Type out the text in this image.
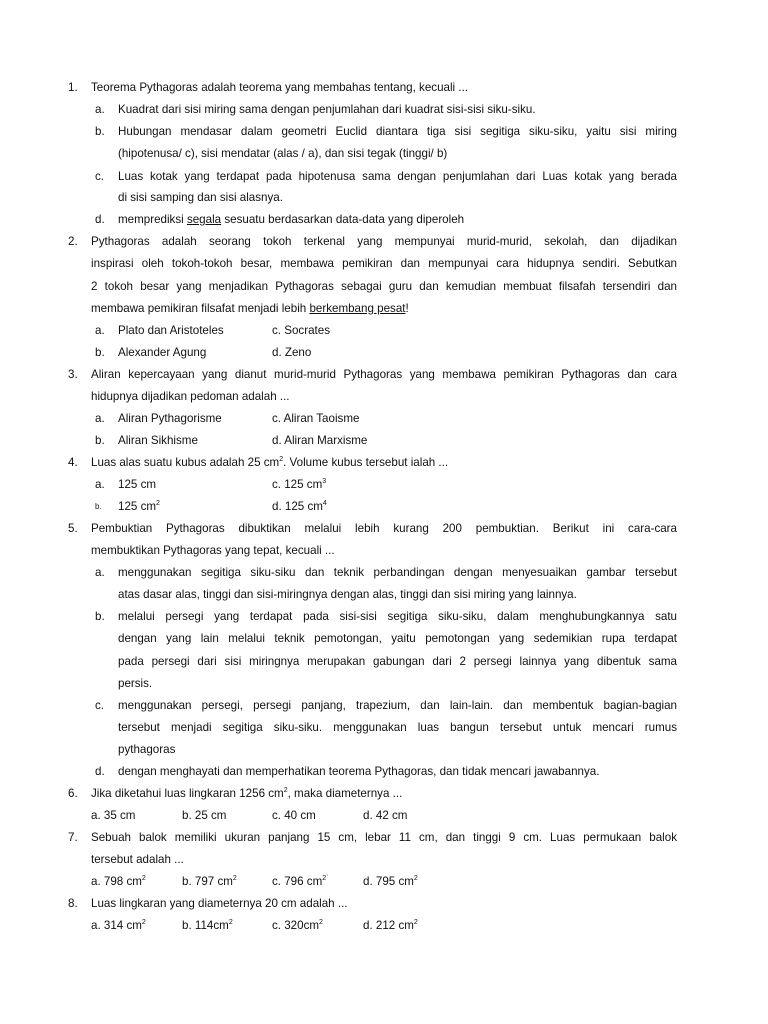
1. Teorema Pythagoras adalah teorema yang membahas tentang, kecuali ...
a. Kuadrat dari sisi miring sama dengan penjumlahan dari kuadrat sisi-sisi siku-siku.
b. Hubungan mendasar dalam geometri Euclid diantara tiga sisi segitiga siku-siku, yaitu sisi miring
(hipotenusa/ c), sisi mendatar (alas / a), dan sisi tegak (tinggi/ b)
c. Luas kotak yang terdapat pada hipotenusa sama dengan penjumlahan dari Luas kotak yang berada
di sisi samping dan sisi alasnya.
d. memprediksi segala sesuatu berdasarkan data-data yang diperoleh
2. Pythagoras adalah seorang tokoh terkenal yang mempunyai murid-murid, sekolah, dan dijadikan
inspirasi oleh tokoh-tokoh besar, membawa pemikiran dan mempunyai cara hidupnya sendiri. Sebutkan
2 tokoh besar yang menjadikan Pythagoras sebagai guru dan kemudian membuat filsafah tersendiri dan
membawa pemikiran filsafat menjadi lebih berkembang pesat!
a. Plato dan Aristoteles	c. Socrates
b. Alexander Agung	d. Zeno
3. Aliran kepercayaan yang dianut murid-murid Pythagoras yang membawa pemikiran Pythagoras dan cara
hidupnya dijadikan pedoman adalah ...
a. Aliran Pythagorisme	c. Aliran Taoisme
b. Aliran Sikhisme	d. Aliran Marxisme
4. Luas alas suatu kubus adalah 25 $cm^2$. Volume kubus tersebut ialah ...
a. 125 cm	c. 125 $cm^3$
b. 125 $cm^2$	d. 125 $cm^4$
5. Pembuktian Pythagoras dibuktikan melalui lebih kurang 200 pembuktian. Berikut ini cara-cara
membuktikan Pythagoras yang tepat, kecuali ...
a. menggunakan segitiga siku-siku dan teknik perbandingan dengan menyesuaikan gambar tersebut
atas dasar alas, tinggi dan sisi-miringnya dengan alas, tinggi dan sisi miring yang lainnya.
b. melalui persegi yang terdapat pada sisi-sisi segitiga siku-siku, dalam menghubungkannya satu
dengan yang lain melalui teknik pemotongan, yaitu pemotongan yang sedemikian rupa terdapat
pada persegi dari sisi miringnya merupakan gabungan dari 2 persegi lainnya yang dibentuk sama
persis.
c. menggunakan persegi, persegi panjang, trapezium, dan lain-lain. dan membentuk bagian-bagian
tersebut menjadi segitiga siku-siku. menggunakan luas bangun tersebut untuk mencari rumus
pythagoras
d. dengan menghayati dan memperhatikan teorema Pythagoras, dan tidak mencari jawabannya.
6. Jika diketahui luas lingkaran 1256 $cm^2$, maka diameternya ...
a. 35 cm	b. 25 cm	c. 40 cm	d. 42 cm
7. Sebuah balok memiliki ukuran panjang 15 cm, lebar 11 cm, dan tinggi 9 cm. Luas permukaan balok
tersebut adalah ...
a. 798 $cm^2$	b. 797 $cm^2$	c. 796 $cm^{2`}$	d. 795 $cm^2$
8. Luas lingkaran yang diameternya 20 cm adalah ...
a. 314 $cm^2$	b. $114cm^2$	c. $320cm^2$	d. 212 $cm^2$
